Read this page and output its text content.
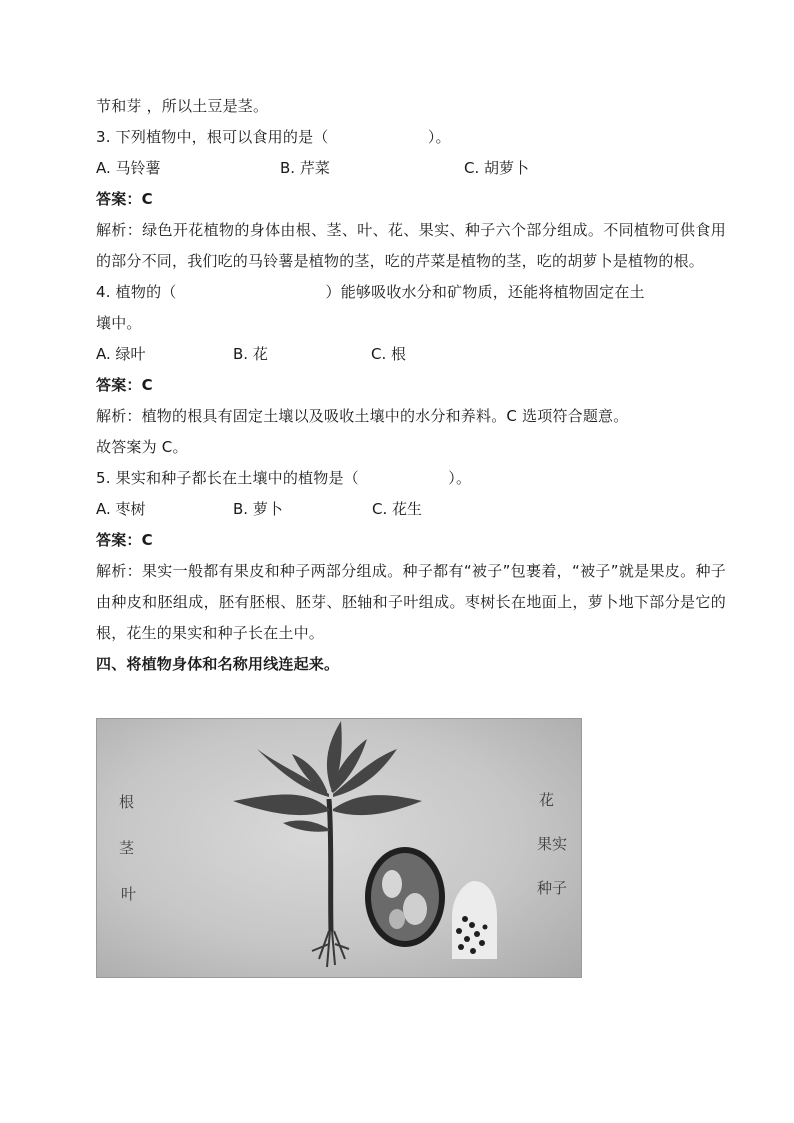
节和芽 ，所以土豆是茎。
3. 下列植物中，根可以食用的是（                    ）。
A. 马铃薯	B. 芹菜	C. 胡萝卜
答案：C
解析：绿色开花植物的身体由根、茎、叶、花、果实、种子六个部分组成。不同植物可供食用的部分不同，我们吃的马铃薯是植物的茎，吃的芹菜是植物的茎，吃的胡萝卜是植物的根。
4. 植物的（                              ）能够吸收水分和矿物质，还能将植物固定在土
壤中。
A. 绿叶	B. 花	C. 根
答案：C
解析：植物的根具有固定土壤以及吸收土壤中的水分和养料。C 选项符合题意。
故答案为 C。
5. 果实和种子都长在土壤中的植物是（                  ）。
A. 枣树	B. 萝卜	C. 花生
答案：C
解析：果实一般都有果皮和种子两部分组成。种子都有“被子”包裹着，“被子”就是果皮。种子由种皮和胚组成，胚有胚根、胚芽、胚轴和子叶组成。枣树长在地面上，萝卜地下部分是它的根，花生的果实和种子长在土中。
四、将植物身体和名称用线连起来。
根
茎
叶
花
果实
种子
